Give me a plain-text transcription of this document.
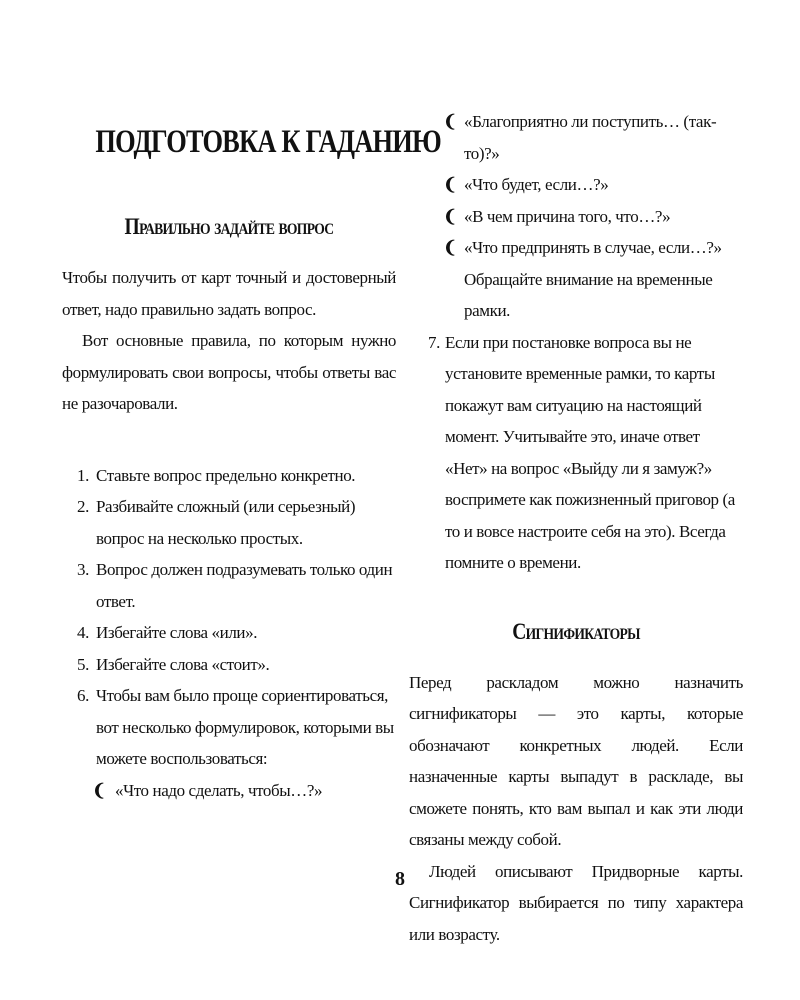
ПОДГОТОВКА К ГАДАНИЮ
Правильно задайте вопрос

Чтобы получить от карт точный и достоверный ответ, надо правильно задать вопрос.

Вот основные правила, по которым нужно формулировать свои вопросы, чтобы ответы вас не разочаровали.

1. Ставьте вопрос предельно конкретно.
2. Разбивайте сложный (или серьезный) вопрос на несколько простых.
3. Вопрос должен подразумевать только один ответ.
4. Избегайте слова «или».
5. Избегайте слова «стоит».
6. Чтобы вам было проще сориентироваться, вот несколько формулировок, которыми вы можете воспользоваться:
❨ «Что надо сделать, чтобы…?»
❨ «Благоприятно ли поступить… (так-то)?»
❨ «Что будет, если…?»
❨ «В чем причина того, что…?»
❨ «Что предпринять в случае, если…?» Обращайте внимание на временные рамки.
7. Если при постановке вопроса вы не установите временные рамки, то карты покажут вам ситуацию на настоящий момент. Учитывайте это, иначе ответ «Нет» на вопрос «Выйду ли я замуж?» воспримете как пожизненный приговор (а то и вовсе настроите себя на это). Всегда помните о времени.
Сигнификаторы

Перед раскладом можно назначить сигнификаторы — это карты, которые обозначают конкретных людей. Если назначенные карты выпадут в раскладе, вы сможете понять, кто вам выпал и как эти люди связаны между собой.

Людей описывают Придворные карты. Сигнификатор выбирается по типу характера или возрасту.

8
